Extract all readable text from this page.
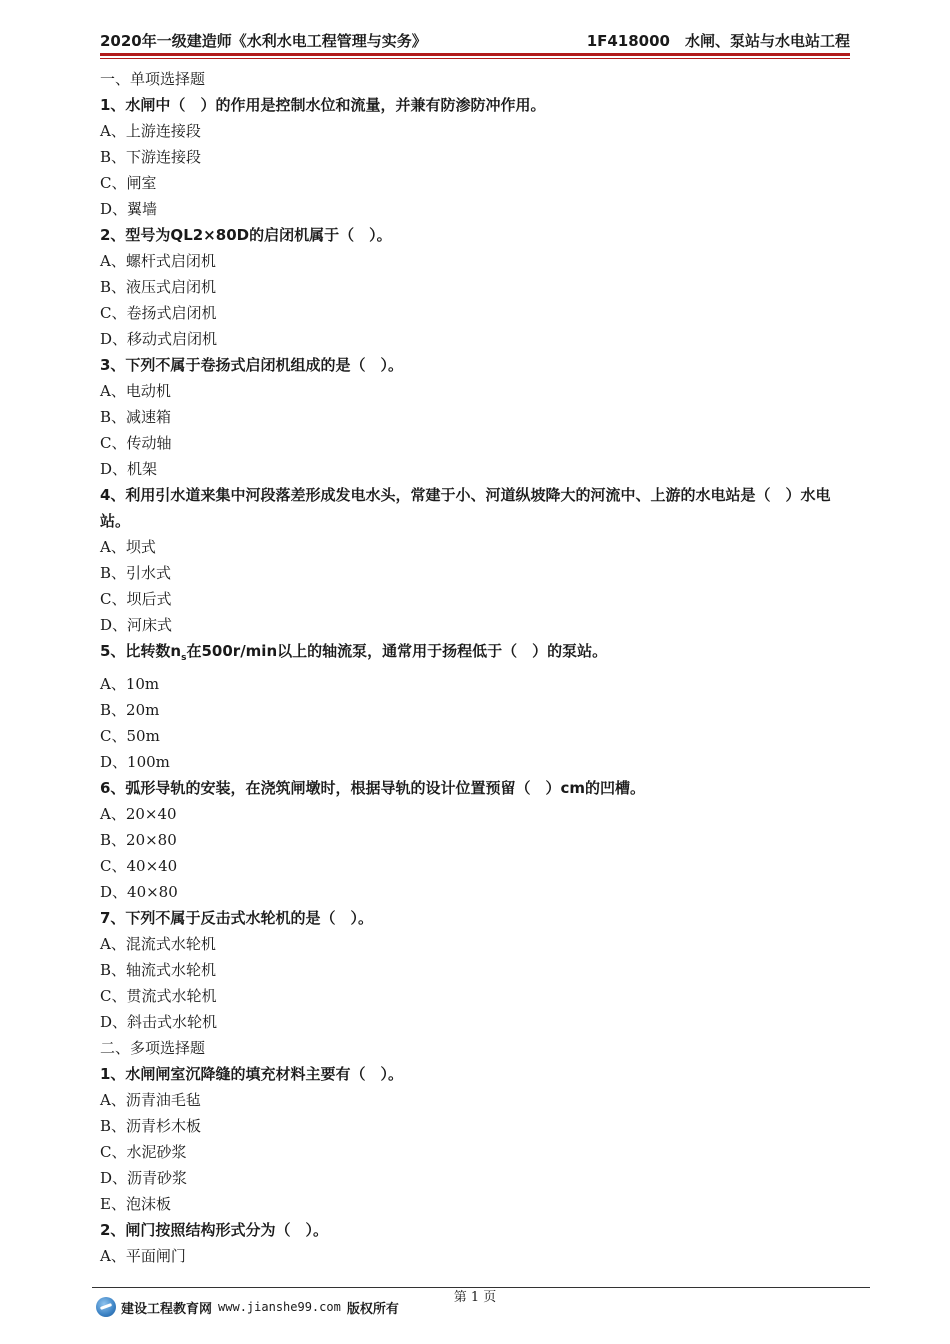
2020年一级建造师《水利水电工程管理与实务》	1F418000　水闸、泵站与水电站工程
一、单项选择题
1、水闸中（　）的作用是控制水位和流量，并兼有防渗防冲作用。
A、上游连接段
B、下游连接段
C、闸室
D、翼墙
2、型号为QL2×80D的启闭机属于（　）。
A、螺杆式启闭机
B、液压式启闭机
C、卷扬式启闭机
D、移动式启闭机
3、下列不属于卷扬式启闭机组成的是（　）。
A、电动机
B、减速箱
C、传动轴
D、机架
4、利用引水道来集中河段落差形成发电水头，常建于小、河道纵坡降大的河流中、上游的水电站是（　）水电站。
A、坝式
B、引水式
C、坝后式
D、河床式
5、比转数$n_s$在500r/min以上的轴流泵，通常用于扬程低于（　）的泵站。
A、10m
B、20m
C、50m
D、100m
6、弧形导轨的安装，在浇筑闸墩时，根据导轨的设计位置预留（　）cm的凹槽。
A、20×40
B、20×80
C、40×40
D、40×80
7、下列不属于反击式水轮机的是（　）。
A、混流式水轮机
B、轴流式水轮机
C、贯流式水轮机
D、斜击式水轮机
二、多项选择题
1、水闸闸室沉降缝的填充材料主要有（　）。
A、沥青油毛毡
B、沥青杉木板
C、水泥砂浆
D、沥青砂浆
E、泡沫板
2、闸门按照结构形式分为（　）。
A、平面闸门
第 1 页
建设工程教育网 www.jianshe99.com 版权所有
